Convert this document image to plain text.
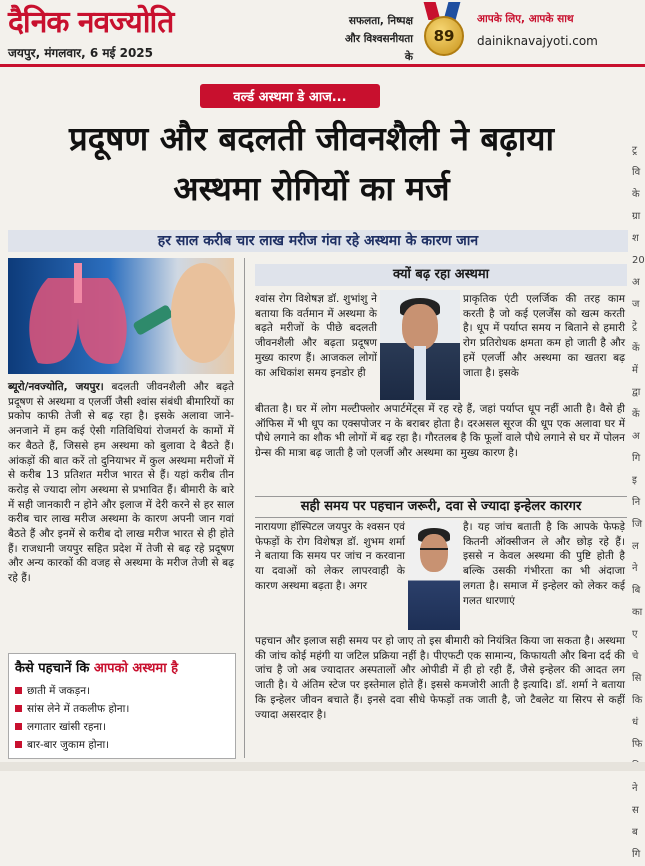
दैनिक नवज्योति
जयपुर, मंगलवार, 6 मई 2025
सफलता, निष्पक्ष और विश्वसनीयता के
89
आपके लिए, आपके साथ
dainiknavajyoti.com
वर्ल्ड अस्थमा डे आज...
प्रदूषण और बदलती जीवनशैली ने बढ़ाया अस्थमा रोगियों का मर्ज
हर साल करीब चार लाख मरीज गंवा रहे अस्थमा के कारण जान
ब्यूरो/नवज्योति, जयपुर। बदलती जीवनशैली और बढ़ते प्रदूषण से अस्थमा व एलर्जी जैसी श्वांस संबंधी बीमारियों का प्रकोप काफी तेजी से बढ़ रहा है। इसके अलावा जाने-अनजाने में हम कई ऐसी गतिविधियां रोजमर्रा के कामों में कर बैठते हैं, जिससे हम अस्थमा को बुलावा दे बैठते हैं। आंकड़ों की बात करें तो दुनियाभर में कुल अस्थमा मरीजों में से करीब 13 प्रतिशत मरीज भारत से हैं। यहां करीब तीन करोड़ से ज्यादा लोग अस्थमा से प्रभावित हैं। बीमारी के बारे में सही जानकारी न होने और इलाज में देरी करने से हर साल करीब चार लाख मरीज अस्थमा के कारण अपनी जान गवां बैठते हैं और इनमें से करीब दो लाख मरीज भारत से ही होते हैं। राजधानी जयपुर सहित प्रदेश में तेजी से बढ़ रहे प्रदूषण और अन्य कारकों की वजह से अस्थमा के मरीज तेजी से बढ़ रहे हैं।
कैसे पहचानें कि आपको अस्थमा है
छाती में जकड़न।
सांस लेने में तकलीफ होना।
लगातार खांसी रहना।
बार-बार जुकाम होना।
क्यों बढ़ रहा अस्थमा
श्वांस रोग विशेषज्ञ डॉ. शुभांशु ने बताया कि वर्तमान में अस्थमा के बढ़ते मरीजों के पीछे बदलती जीवनशैली और बढ़ता प्रदूषण मुख्य कारण हैं। आजकल लोगों का अधिकांश समय इनडोर ही
प्राकृतिक एंटी एलर्जिक की तरह काम करती है जो कई एलर्जेंस को खत्म करती है। धूप में पर्याप्त समय न बिताने से हमारी रोग प्रतिरोधक क्षमता कम हो जाती है और हमें एलर्जी और अस्थमा का खतरा बढ़ जाता है। इसके
बीतता है। घर में लोग मल्टीफ्लोर अपार्टमेंट्स में रह रहे हैं, जहां पर्याप्त धूप नहीं आती है। वैसे ही ऑफिस में भी धूप का एक्सपोजर न के बराबर होता है। दरअसल सूरज की धूप एक अलावा घर में पौधे लगाने का शौक भी लोगों में बढ़ रहा है। गौरतलब है कि फूलों वाले पौधे लगाने से घर में पोलन ग्रेन्स की मात्रा बढ़ जाती है जो एलर्जी और अस्थमा का मुख्य कारण है।
सही समय पर पहचान जरूरी, दवा से ज्यादा इन्हेलर कारगर
नारायणा हॉस्पिटल जयपुर के श्वसन एवं फेफड़ों के रोग विशेषज्ञ डॉ. शुभम शर्मा ने बताया कि समय पर जांच न करवाना या दवाओं को लेकर लापरवाही के कारण अस्थमा बढ़ता है। अगर
है। यह जांच बताती है कि आपके फेफड़े कितनी ऑक्सीजन ले और छोड़ रहे हैं। इससे न केवल अस्थमा की पुष्टि होती है बल्कि उसकी गंभीरता का भी अंदाजा लगता है। समाज में इन्हेलर को लेकर कई गलत धारणाएं
पहचान और इलाज सही समय पर हो जाए तो इस बीमारी को नियंत्रित किया जा सकता है। अस्थमा की जांच कोई महंगी या जटिल प्रक्रिया नहीं है। पीएफटी एक सामान्य, किफायती और बिना दर्द की जांच है जो अब ज्यादातर अस्पतालों और ओपीडी में ही हो रही हैं, जैसे इन्हेलर की आदत लग जाती है। ये अंतिम स्टेज पर इस्तेमाल होते हैं। इससे कमजोरी आती है इत्यादि। डॉ. शर्मा ने बताया कि इन्हेलर जीवन बचाते हैं। इनसे दवा सीधे फेफड़ों तक जाती है, जो टैबलेट या सिरप से कहीं ज्यादा असरदार है।
ट्र वि के ग्रा श 20 अ ज ट्रे कें में द्वा कें अ गि इ नि जि ल ने बि का ए चे सि कि धं फि ने स ब गि
